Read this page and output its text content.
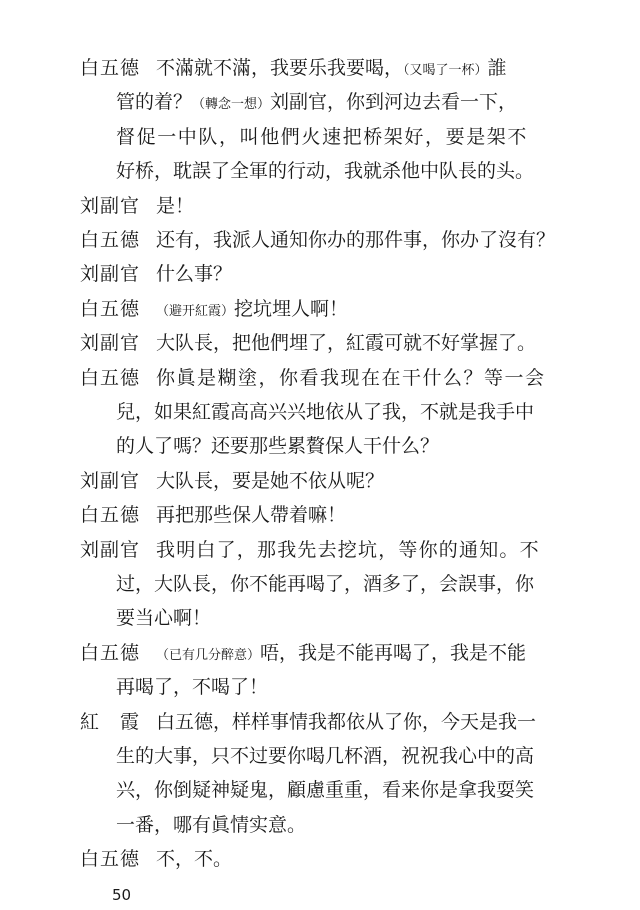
白五德 不滿就不滿，我要乐我要喝，（又喝了一杯）誰
管的着？（轉念一想）刘副官，你到河边去看一下，
督促一中队，叫他們火速把桥架好，要是架不
好桥，耽誤了全軍的行动，我就杀他中队長的头。
刘副官 是！
白五德 还有，我派人通知你办的那件事，你办了沒有？
刘副官 什么事？
白五德 （避开紅霞）挖坑埋人啊！
刘副官 大队長，把他們埋了，紅霞可就不好掌握了。
白五德 你眞是糊塗，你看我现在在干什么？等一会
兒，如果紅霞高高兴兴地依从了我，不就是我手中
的人了嗎？还要那些累贅保人干什么？
刘副官 大队長，要是她不依从呢？
白五德 再把那些保人帶着嘛！
刘副官 我明白了，那我先去挖坑，等你的通知。不
过，大队長，你不能再喝了，酒多了，会誤事，你
要当心啊！
白五德 （已有几分醉意）唔，我是不能再喝了，我是不能
再喝了，不喝了！
紅　霞 白五德，样样事情我都依从了你，今天是我一
生的大事，只不过要你喝几杯酒，祝祝我心中的高
兴，你倒疑神疑鬼，顧慮重重，看来你是拿我耍笑
一番，哪有眞情实意。
白五德 不，不。
50
